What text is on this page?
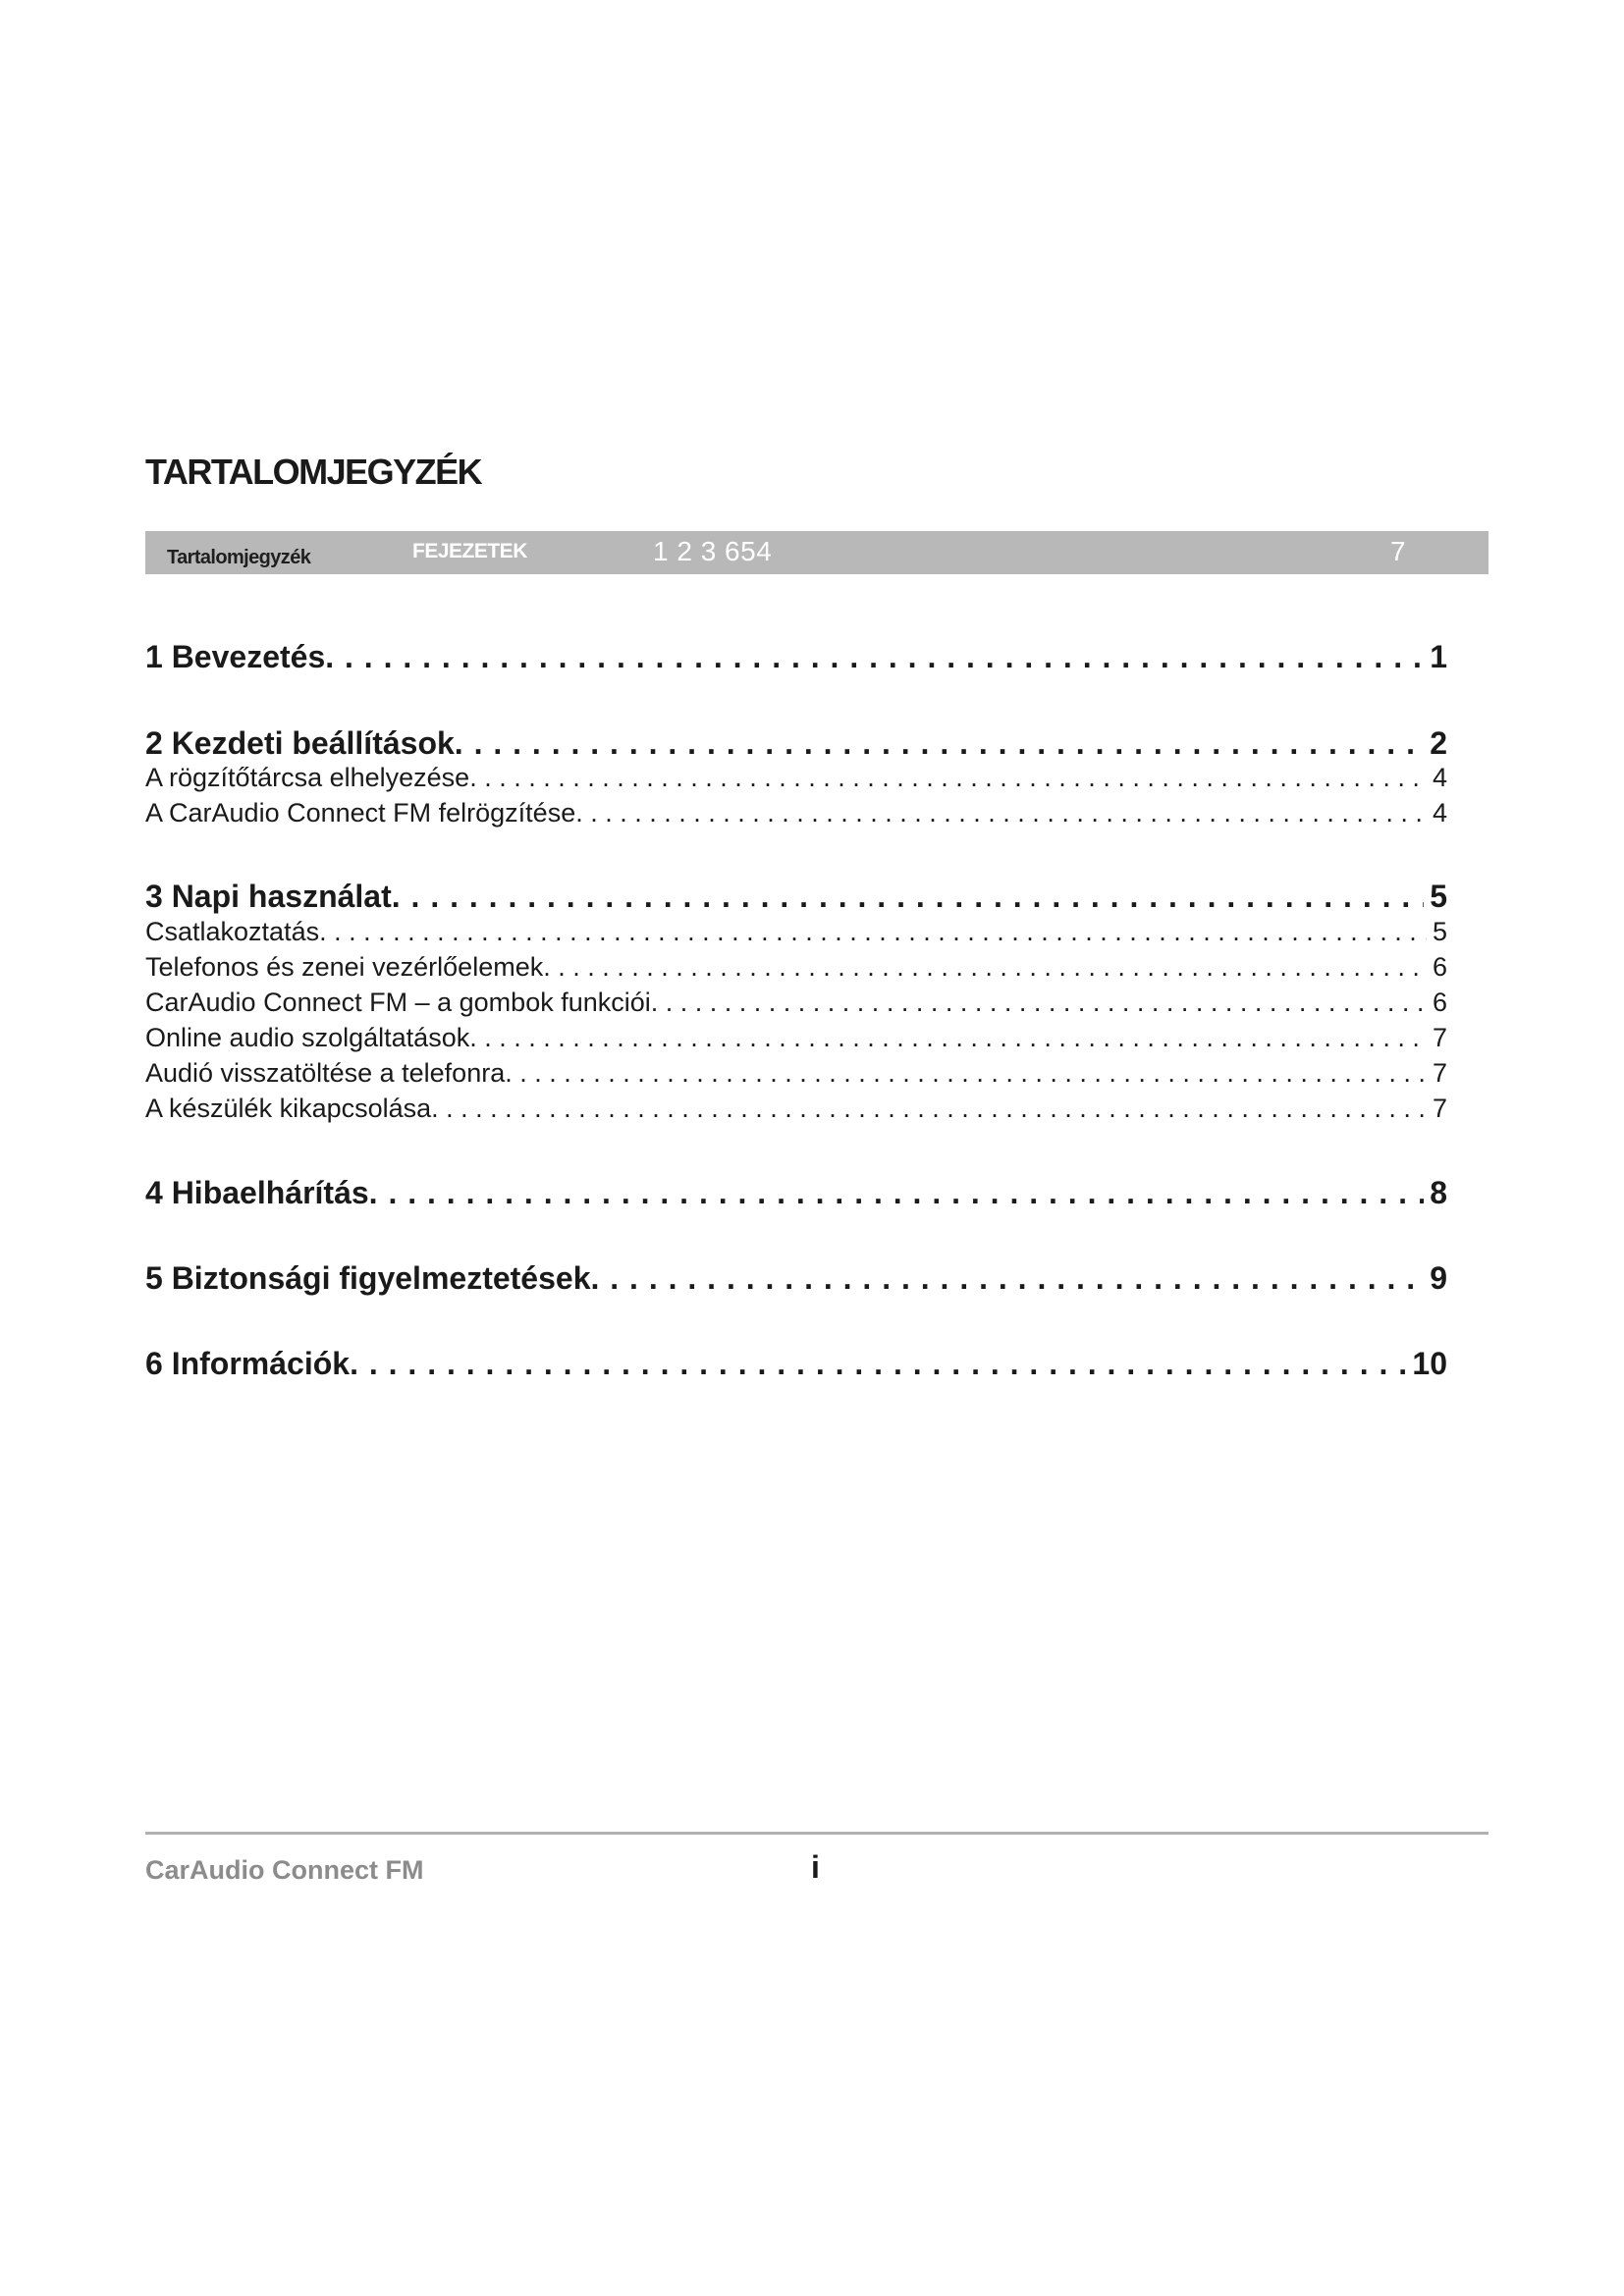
TARTALOMJEGYZÉK
Tartalomjegyzék	FEJEZETEK	1 2 3 654	7
1 Bevezetés . . .	1
2 Kezdeti beállítások . . .	2
A rögzítőtárcsa elhelyezése . . .	4
A CarAudio Connect FM felrögzítése . . .	4
3 Napi használat . . .	5
Csatlakoztatás . . .	5
Telefonos és zenei vezérlőelemek . . .	6
CarAudio Connect FM – a gombok funkciói . . .	6
Online audio szolgáltatások . . .	7
Audió visszatöltése a telefonra . . .	7
A készülék kikapcsolása . . .	7
4 Hibaelhárítás . . .	8
5 Biztonsági figyelmeztetések . . .	9
6 Információk . . .	10
CarAudio Connect FM	i
